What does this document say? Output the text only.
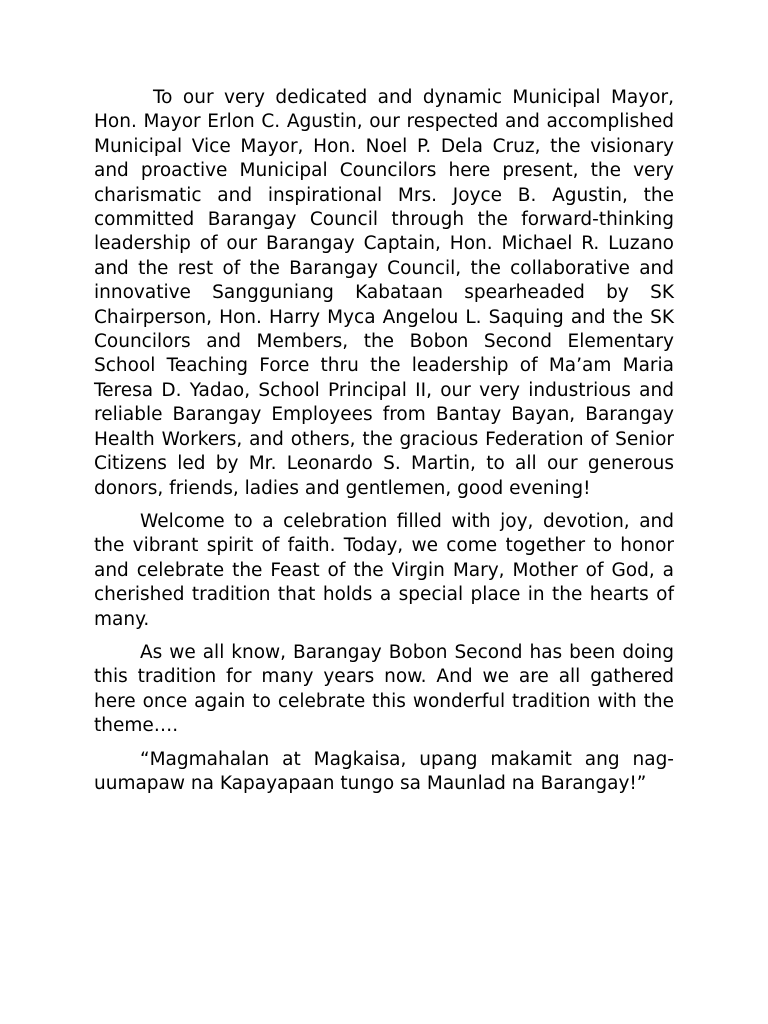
To our very dedicated and dynamic Municipal Mayor, Hon. Mayor Erlon C. Agustin, our respected and accomplished Municipal Vice Mayor, Hon. Noel P. Dela Cruz, the visionary and proactive Municipal Councilors here present, the very charismatic and inspirational Mrs. Joyce B. Agustin, the committed Barangay Council through the forward-thinking leadership of our Barangay Captain, Hon. Michael R. Luzano and the rest of the Barangay Council, the collaborative and innovative Sangguniang Kabataan spearheaded by SK Chairperson, Hon. Harry Myca Angelou L. Saquing and the SK Councilors and Members, the Bobon Second Elementary School Teaching Force thru the leadership of Ma’am Maria Teresa D. Yadao, School Principal II, our very industrious and reliable Barangay Employees from Bantay Bayan, Barangay Health Workers, and others, the gracious Federation of Senior Citizens led by Mr. Leonardo S. Martin, to all our generous donors, friends, ladies and gentlemen, good evening!

Welcome to a celebration filled with joy, devotion, and the vibrant spirit of faith. Today, we come together to honor and celebrate the Feast of the Virgin Mary, Mother of God, a cherished tradition that holds a special place in the hearts of many.

As we all know, Barangay Bobon Second has been doing this tradition for many years now. And we are all gathered here once again to celebrate this wonderful tradition with the theme….

“Magmahalan at Magkaisa, upang makamit ang nag-uumapaw na Kapayapaan tungo sa Maunlad na Barangay!”
